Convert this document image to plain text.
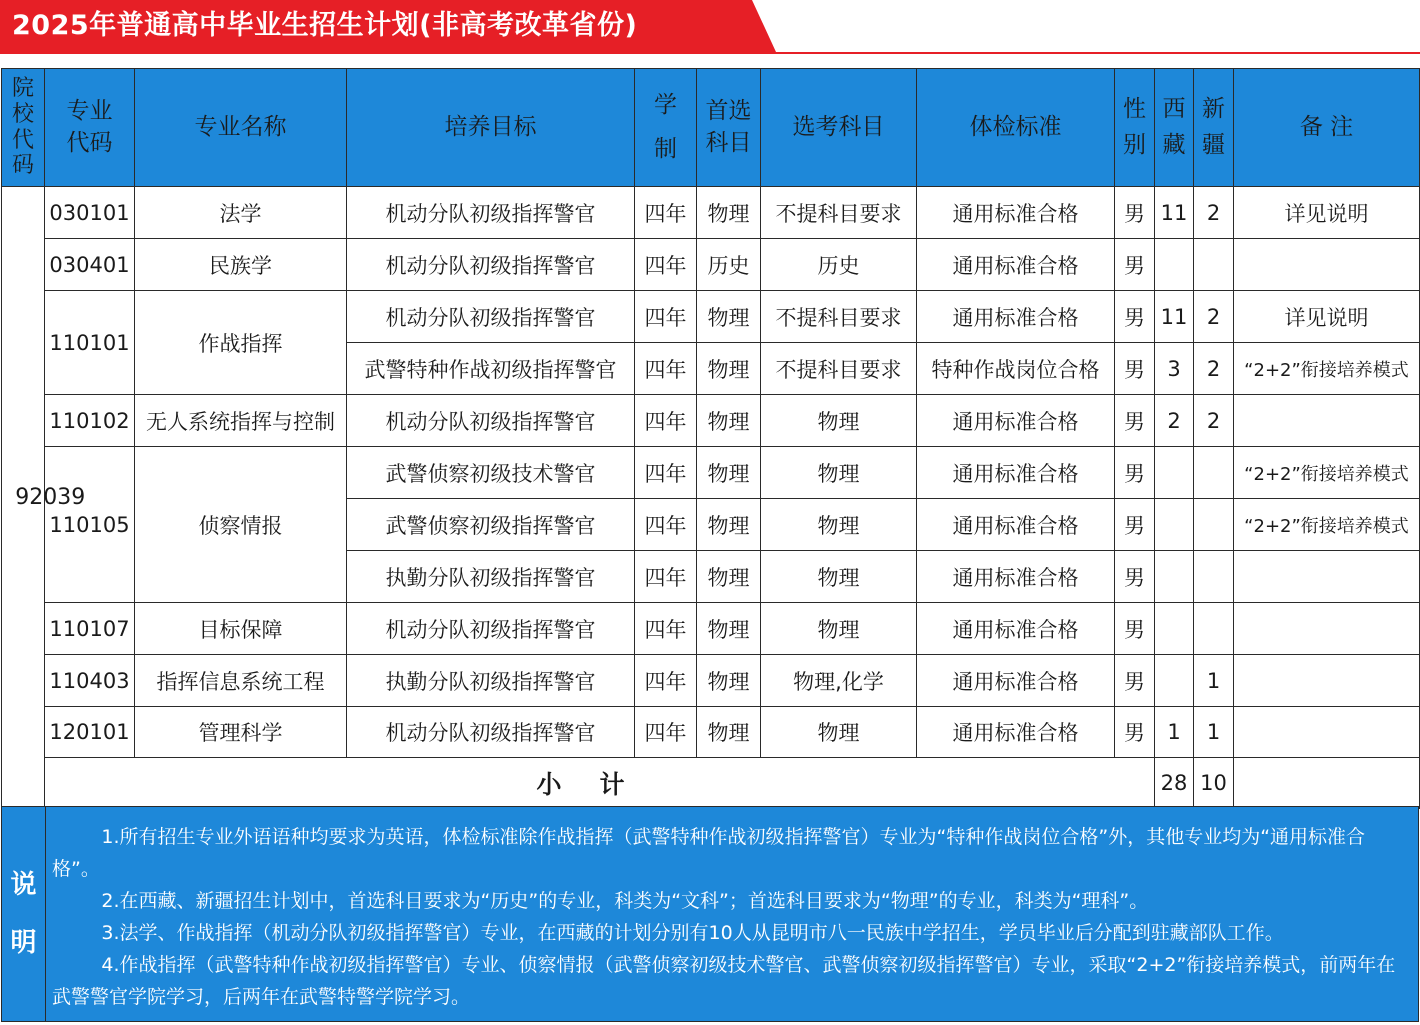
2025年普通高中毕业生招生计划(非高考改革省份)
院校代码	专业代码	专业名称	培养目标	学制	首选科目	选考科目	体检标准	性别	西藏	新疆	备 注

92039	030101	法学	机动分队初级指挥警官	四年	物理	不提科目要求	通用标准合格	男	11	2	详见说明
	030401	民族学	机动分队初级指挥警官	四年	历史	历史	通用标准合格	男			
	110101	作战指挥	机动分队初级指挥警官	四年	物理	不提科目要求	通用标准合格	男	11	2	详见说明
			武警特种作战初级指挥警官	四年	物理	不提科目要求	特种作战岗位合格	男	3	2	“2+2”衔接培养模式
	110102	无人系统指挥与控制	机动分队初级指挥警官	四年	物理	物理	通用标准合格	男	2	2	
	110105	侦察情报	武警侦察初级技术警官	四年	物理	物理	通用标准合格	男			“2+2”衔接培养模式
			武警侦察初级指挥警官	四年	物理	物理	通用标准合格	男			“2+2”衔接培养模式
			执勤分队初级指挥警官	四年	物理	物理	通用标准合格	男			
	110107	目标保障	机动分队初级指挥警官	四年	物理	物理	通用标准合格	男			
	110403	指挥信息系统工程	执勤分队初级指挥警官	四年	物理	物理,化学	通用标准合格	男		1	
	120101	管理科学	机动分队初级指挥警官	四年	物理	物理	通用标准合格	男	1	1	
	小计								28	10	
说明

1.所有招生专业外语语种均要求为英语，体检标准除作战指挥（武警特种作战初级指挥警官）专业为“特种作战岗位合格”外，其他专业均为“通用标准合格”。

2.在西藏、新疆招生计划中，首选科目要求为“历史”的专业，科类为“文科”；首选科目要求为“物理”的专业，科类为“理科”。

3.法学、作战指挥（机动分队初级指挥警官）专业，在西藏的计划分别有10人从昆明市八一民族中学招生，学员毕业后分配到驻藏部队工作。

4.作战指挥（武警特种作战初级指挥警官）专业、侦察情报（武警侦察初级技术警官、武警侦察初级指挥警官）专业，采取“2+2”衔接培养模式，前两年在武警警官学院学习，后两年在武警特警学院学习。
